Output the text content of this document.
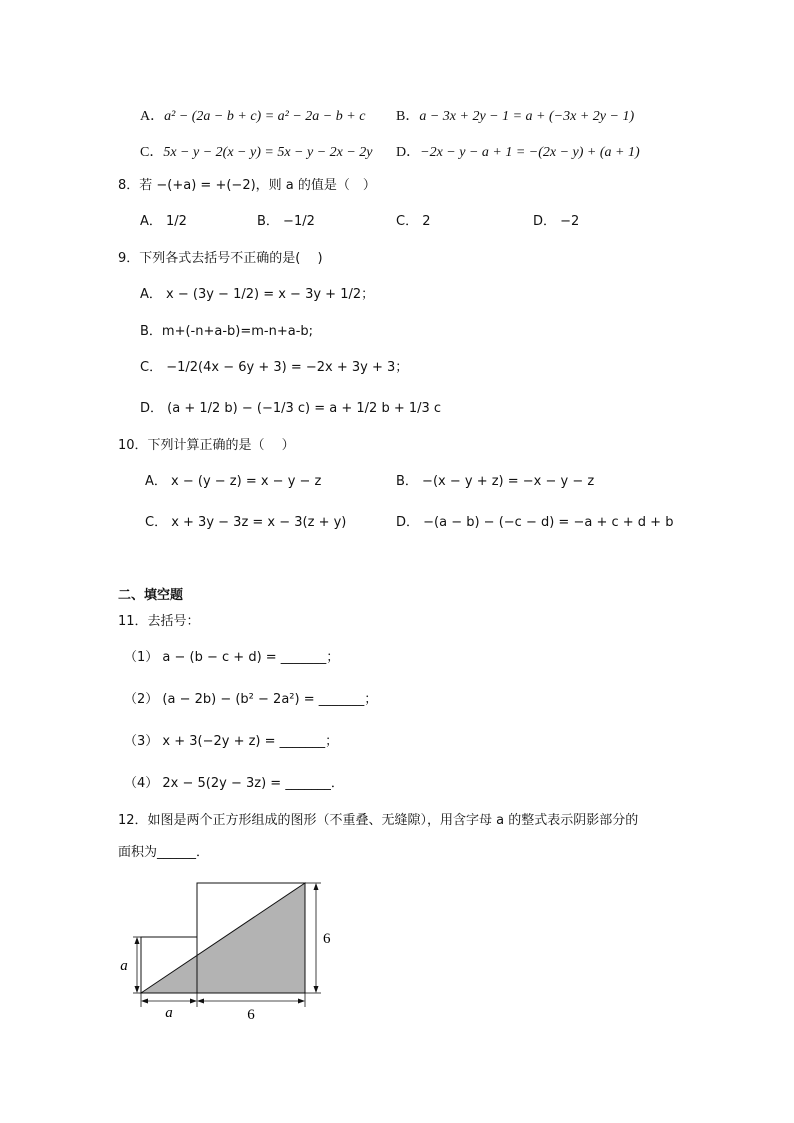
A．a² − (2a − b + c) = a² − 2a − b + c B．a − 3x + 2y − 1 = a + (−3x + 2y − 1)
C．5x − y − 2(x − y) = 5x − y − 2x − 2y D．−2x − y − a + 1 = −(2x − y) + (a + 1)
8．若 −(+a) = +(−2)，则 a 的值是（　）
A． 1/2	B． −1/2	C． 2	D． −2
9．下列各式去括号不正确的是(　 )
A． x − (3y − 1/2) = x − 3y + 1/2；
B．m+(-n+a-b)=m-n+a-b;
C． −1/2(4x − 6y + 3) = −2x + 3y + 3；
D． (a + 1/2 b) − (−1/3 c) = a + 1/2 b + 1/3 c
10．下列计算正确的是（　 ）
A． x − (y − z) = x − y − z	B． −(x − y + z) = −x − y − z
C． x + 3y − 3z = x − 3(z + y)	D． −(a − b) − (−c − d) = −a + c + d + b
二、填空题
11．去括号：
（1） a − (b − c + d) = _______；
（2） (a − 2b) − (b² − 2a²) = _______；
（3） x + 3(−2y + z) = _______；
（4） 2x − 5(2y − 3z) = _______．
12．如图是两个正方形组成的图形（不重叠、无缝隙），用含字母 a 的整式表示阴影部分的
面积为______．
a
6
a	6
